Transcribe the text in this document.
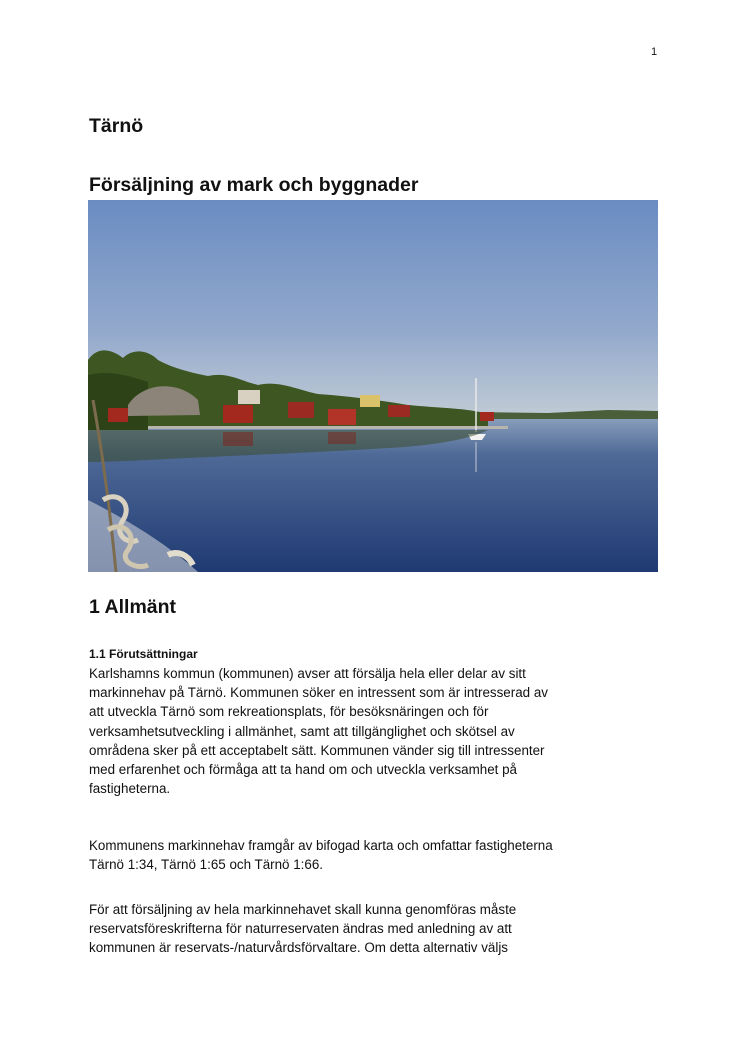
1
Tärnö
Försäljning av mark och byggnader
1 Allmänt
1.1 Förutsättningar

Karlshamns kommun (kommunen) avser att försälja hela eller delar av sitt
markinnehav på Tärnö. Kommunen söker en intressent som är intresserad av
att utveckla Tärnö som rekreationsplats, för besöksnäringen och för
verksamhetsutveckling i allmänhet, samt att tillgänglighet och skötsel av
områdena sker på ett acceptabelt sätt. Kommunen vänder sig till intressenter
med erfarenhet och förmåga att ta hand om och utveckla verksamhet på
fastigheterna.

Kommunens markinnehav framgår av bifogad karta och omfattar fastigheterna
Tärnö 1:34, Tärnö 1:65 och Tärnö 1:66.

För att försäljning av hela markinnehavet skall kunna genomföras måste
reservatsföreskrifterna för naturreservaten ändras med anledning av att
kommunen är reservats-/naturvårdsförvaltare. Om detta alternativ väljs
